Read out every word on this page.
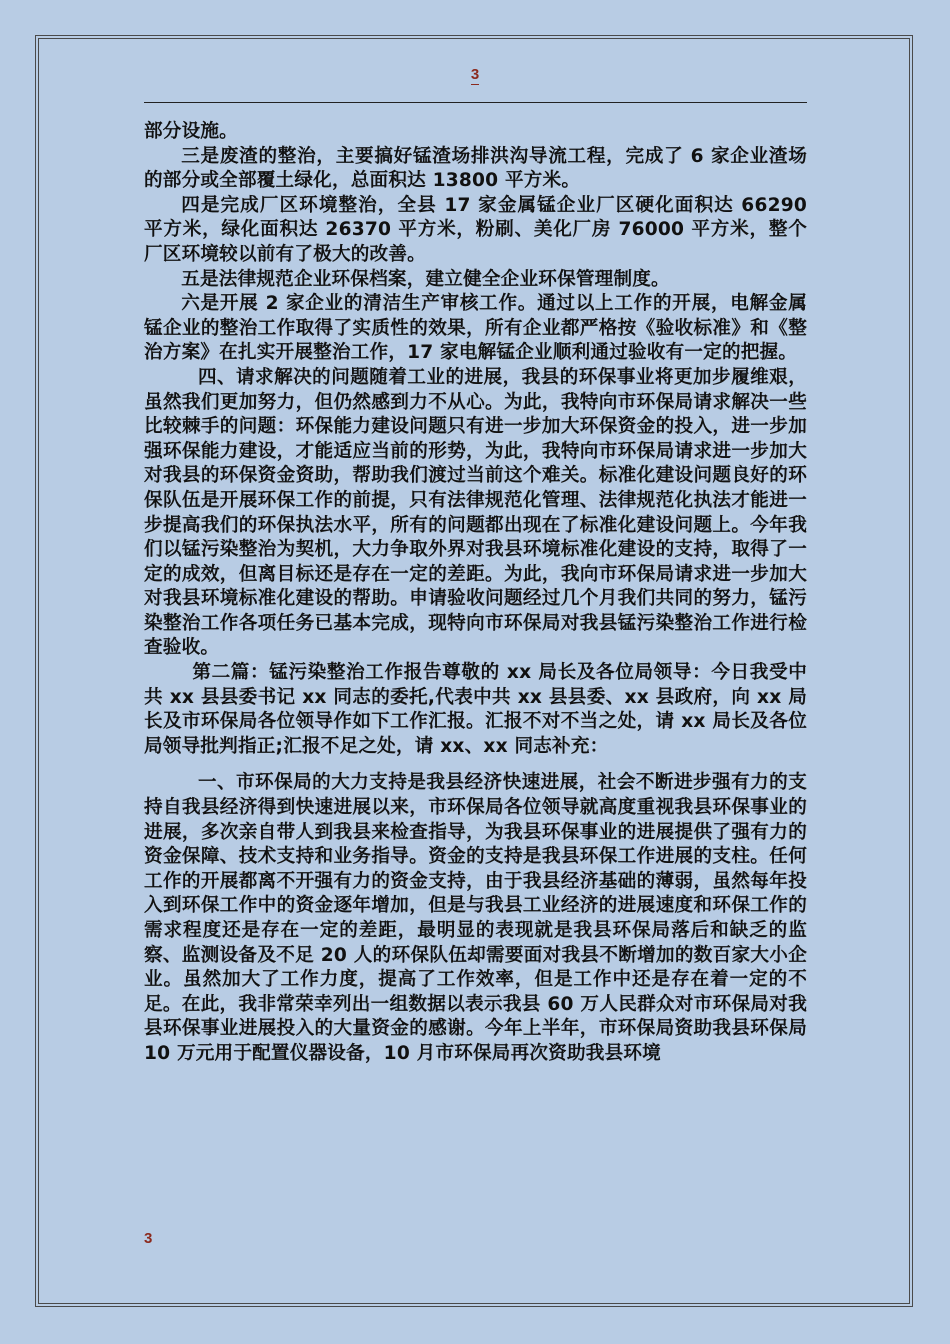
3

部分设施。

三是废渣的整治，主要搞好锰渣场排洪沟导流工程，完成了 6 家企业渣场的部分或全部覆土绿化，总面积达 13800 平方米。

四是完成厂区环境整治，全县 17 家金属锰企业厂区硬化面积达 66290 平方米，绿化面积达 26370 平方米，粉刷、美化厂房 76000 平方米，整个厂区环境较以前有了极大的改善。

五是法律规范企业环保档案，建立健全企业环保管理制度。

六是开展 2 家企业的清洁生产审核工作。通过以上工作的开展，电解金属锰企业的整治工作取得了实质性的效果，所有企业都严格按《验收标准》和《整治方案》在扎实开展整治工作，17 家电解锰企业顺利通过验收有一定的把握。

四、请求解决的问题随着工业的进展，我县的环保事业将更加步履维艰，虽然我们更加努力，但仍然感到力不从心。为此，我特向市环保局请求解决一些比较棘手的问题：环保能力建设问题只有进一步加大环保资金的投入，进一步加强环保能力建设，才能适应当前的形势，为此，我特向市环保局请求进一步加大对我县的环保资金资助，帮助我们渡过当前这个难关。标准化建设问题良好的环保队伍是开展环保工作的前提，只有法律规范化管理、法律规范化执法才能进一步提高我们的环保执法水平，所有的问题都出现在了标准化建设问题上。今年我们以锰污染整治为契机，大力争取外界对我县环境标准化建设的支持，取得了一定的成效，但离目标还是存在一定的差距。为此，我向市环保局请求进一步加大对我县环境标准化建设的帮助。申请验收问题经过几个月我们共同的努力，锰污染整治工作各项任务已基本完成，现特向市环保局对我县锰污染整治工作进行检查验收。

第二篇：锰污染整治工作报告尊敬的 xx 局长及各位局领导：今日我受中共 xx 县县委书记 xx 同志的委托,代表中共 xx 县县委、xx 县政府，向 xx 局长及市环保局各位领导作如下工作汇报。汇报不对不当之处，请 xx 局长及各位局领导批判指正;汇报不足之处，请 xx、xx 同志补充：

一、市环保局的大力支持是我县经济快速进展，社会不断进步强有力的支持自我县经济得到快速进展以来，市环保局各位领导就高度重视我县环保事业的进展，多次亲自带人到我县来检查指导，为我县环保事业的进展提供了强有力的资金保障、技术支持和业务指导。资金的支持是我县环保工作进展的支柱。任何工作的开展都离不开强有力的资金支持，由于我县经济基础的薄弱，虽然每年投入到环保工作中的资金逐年增加，但是与我县工业经济的进展速度和环保工作的需求程度还是存在一定的差距，最明显的表现就是我县环保局落后和缺乏的监察、监测设备及不足 20 人的环保队伍却需要面对我县不断增加的数百家大小企业。虽然加大了工作力度，提高了工作效率，但是工作中还是存在着一定的不足。在此，我非常荣幸列出一组数据以表示我县 60 万人民群众对市环保局对我县环保事业进展投入的大量资金的感谢。今年上半年，市环保局资助我县环保局 10 万元用于配置仪器设备，10 月市环保局再次资助我县环境

3
